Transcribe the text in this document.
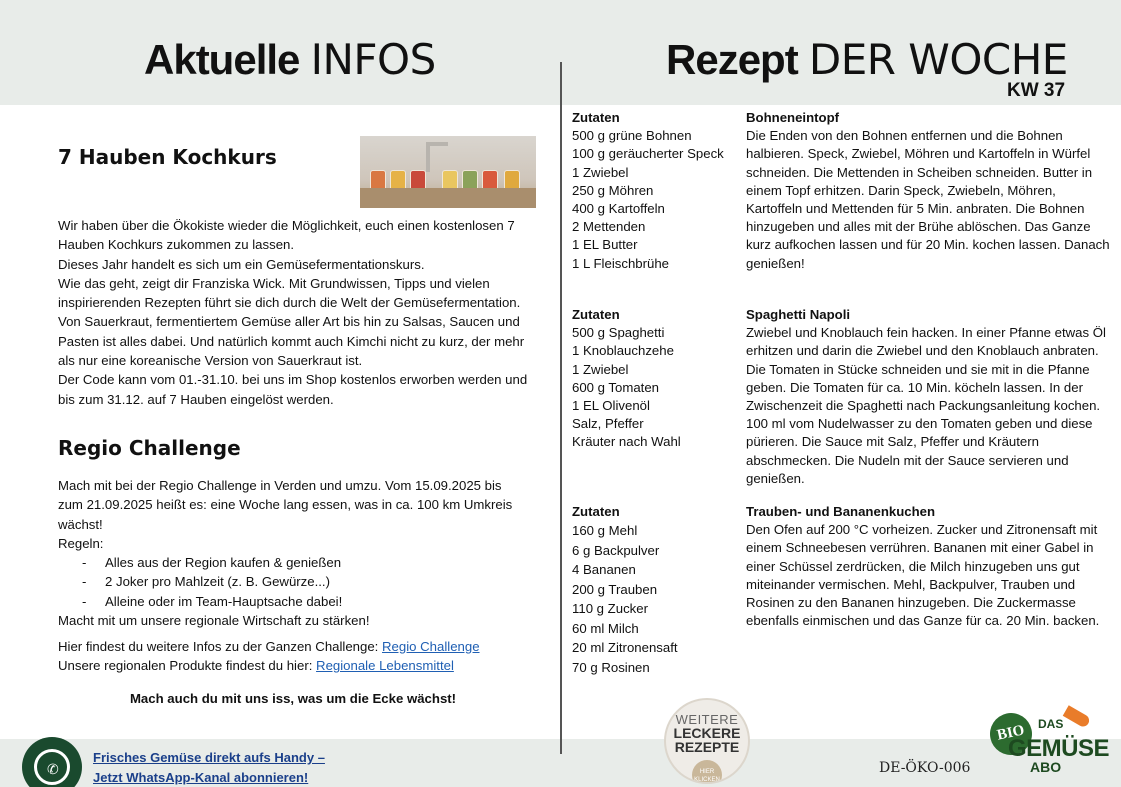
Aktuelle INFOS	Rezept DER WOCHE
KW 37
7 Hauben Kochkurs

Wir haben über die Ökokiste wieder die Möglichkeit, euch einen kostenlosen 7 Hauben Kochkurs zukommen zu lassen.

Dieses Jahr handelt es sich um ein Gemüsefermentationskurs.

Wie das geht, zeigt dir Franziska Wick. Mit Grundwissen, Tipps und vielen inspirierenden Rezepten führt sie dich durch die Welt der Gemüsefermentation. Von Sauerkraut, fermentiertem Gemüse aller Art bis hin zu Salsas, Saucen und Pasten ist alles dabei. Und natürlich kommt auch Kimchi nicht zu kurz, der mehr als nur eine koreanische Version von Sauerkraut ist.

Der Code kann vom 01.-31.10. bei uns im Shop kostenlos erworben werden und bis zum 31.12. auf 7 Hauben eingelöst werden.

Regio Challenge
Mach mit bei der Regio Challenge in Verden und umzu. Vom 15.09.2025 bis zum 21.09.2025 heißt es: eine Woche lang essen, was in ca. 100 km Umkreis wächst!
Regeln:
- Alles aus der Region kaufen & genießen
- 2 Joker pro Mahlzeit (z. B. Gewürze...)
- Alleine oder im Team-Hauptsache dabei!
Macht mit um unsere regionale Wirtschaft zu stärken!
Hier findest du weitere Infos zu der Ganzen Challenge: Regio Challenge
Unsere regionalen Produkte findest du hier: Regionale Lebensmittel
Mach auch du mit uns iss, was um die Ecke wächst!
Zutaten
500 g grüne Bohnen
100 g geräucherter Speck
1 Zwiebel
250 g Möhren
400 g Kartoffeln
2 Mettenden
1 EL Butter
1 L Fleischbrühe
Bohneneintopf
Die Enden von den Bohnen entfernen und die Bohnen halbieren. Speck, Zwiebel, Möhren und Kartoffeln in Würfel schneiden. Die Mettenden in Scheiben schneiden. Butter in einem Topf erhitzen. Darin Speck, Zwiebeln, Möhren, Kartoffeln und Mettenden für 5 Min. anbraten. Die Bohnen hinzugeben und alles mit der Brühe ablöschen. Das Ganze kurz aufkochen lassen und für 20 Min. kochen lassen. Danach genießen!
Zutaten
500 g Spaghetti
1 Knoblauchzehe
1 Zwiebel
600 g Tomaten
1 EL Olivenöl
Salz, Pfeffer
Kräuter nach Wahl
Spaghetti Napoli
Zwiebel und Knoblauch fein hacken. In einer Pfanne etwas Öl erhitzen und darin die Zwiebel und den Knoblauch anbraten. Die Tomaten in Stücke schneiden und sie mit in die Pfanne geben. Die Tomaten für ca. 10 Min. köcheln lassen. In der Zwischenzeit die Spaghetti nach Packungsanleitung kochen. 100 ml vom Nudelwasser zu den Tomaten geben und diese pürieren. Die Sauce mit Salz, Pfeffer und Kräutern abschmecken. Die Nudeln mit der Sauce servieren und genießen.
Zutaten
160 g Mehl
6 g Backpulver
4 Bananen
200 g Trauben
110 g Zucker
60 ml Milch
20 ml Zitronensaft
70 g Rosinen
Trauben- und Bananenkuchen
Den Ofen auf 200 °C vorheizen. Zucker und Zitronensaft mit einem Schneebesen verrühren. Bananen mit einer Gabel in einer Schüssel zerdrücken, die Milch hinzugeben uns gut miteinander vermischen. Mehl, Backpulver, Trauben und Rosinen zu den Bananen hinzugeben. Die Zuckermasse ebenfalls einmischen und das Ganze für ca. 20 Min. backen.
✆
Frisches Gemüse direkt aufs Handy –
Jetzt WhatsApp-Kanal abonnieren!
WEITERE
LECKERE
REZEPTE
HIER KLICKEN
DE-ÖKO-006
BIO	DAS
GEMÜSE
ABO
